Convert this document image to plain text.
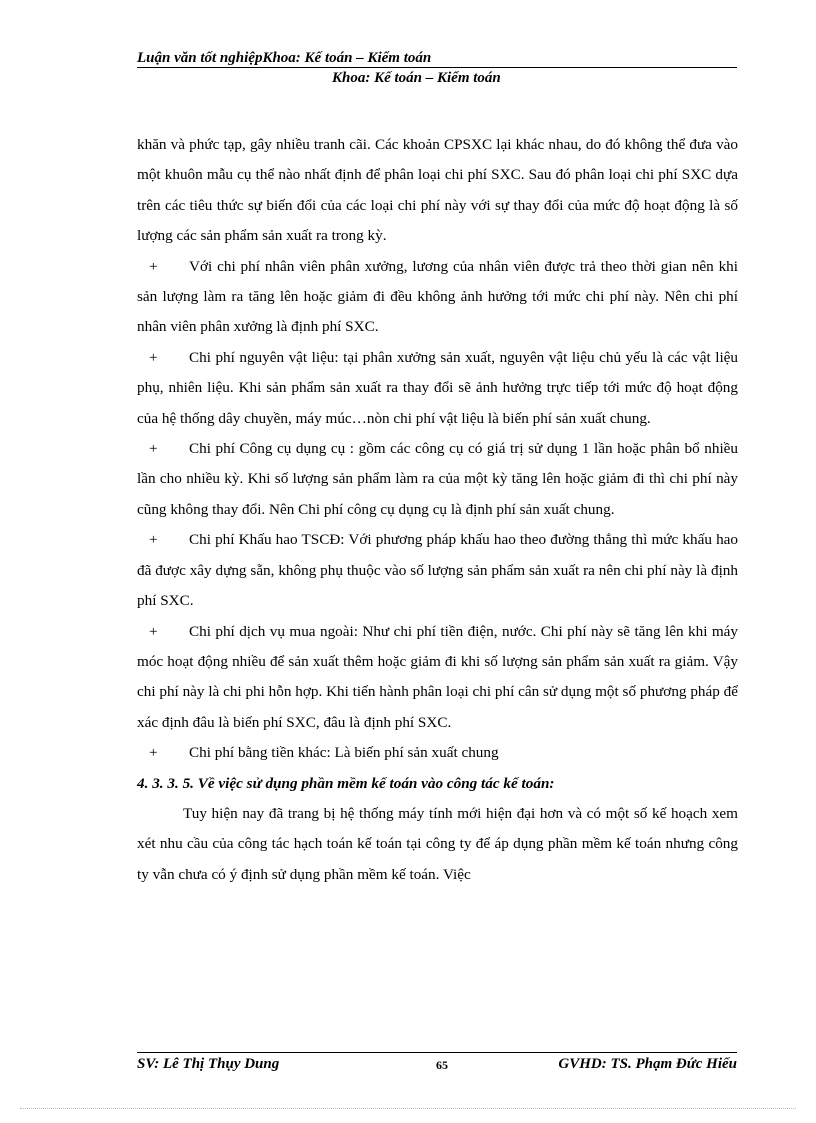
Luận văn tốt nghiệpKhoa: Kế toán – Kiểm toán
Khoa: Kế toán – Kiểm toán

khăn và phức tạp, gây nhiều tranh cãi. Các khoản CPSXC lại khác nhau, do đó không thể đưa vào một khuôn mẫu cụ thể nào nhất định để phân loại chi phí SXC. Sau đó phân loại chi phí SXC dựa trên các tiêu thức sự biến đổi của các loại chi phí này với sự thay đổi của mức độ hoạt động là số lượng các sản phẩm sản xuất ra trong kỳ.

+ Với chi phí nhân viên phân xưởng, lương của nhân viên được trả theo thời gian nên khi sản lượng làm ra tăng lên hoặc giảm đi đều không ảnh hưởng tới mức chi phí này. Nên chi phí nhân viên phân xưởng là định phí SXC.

+ Chi phí nguyên vật liệu: tại phân xưởng sản xuất, nguyên vật liệu chủ yếu là các vật liệu phụ, nhiên liệu. Khi sản phẩm sản xuất ra thay đổi sẽ ảnh hưởng trực tiếp tới mức độ hoạt động của hệ thống dây chuyền, máy múc…nòn chi phí vật liệu là biến phí sản xuất chung.

+ Chi phí Công cụ dụng cụ : gồm các công cụ có giá trị sử dụng 1 lần hoặc phân bổ nhiều lần cho nhiều kỳ. Khi số lượng sản phẩm làm ra của một kỳ tăng lên hoặc giảm đi thì chi phí này cũng không thay đổi. Nên Chi phí công cụ dụng cụ là định phí sản xuất chung.

+ Chi phí Khấu hao TSCĐ: Với phương pháp khấu hao theo đường thẳng thì mức khấu hao đã được xây dựng sẵn, không phụ thuộc vào số lượng sản phẩm sản xuất ra nên chi phí này là định phí SXC.

+ Chi phí dịch vụ mua ngoài: Như chi phí tiền điện, nước. Chi phí này sẽ tăng lên khi máy móc hoạt động nhiều để sản xuất thêm hoặc giảm đi khi số lượng sản phẩm sản xuất ra giảm. Vậy chi phí này là chi phi hỗn hợp. Khi tiến hành phân loại chi phí cân sử dụng một số phương pháp để xác định đâu là biến phí SXC, đâu là định phí SXC.

+ Chi phí bằng tiền khác: Là biến phí sản xuất chung

4. 3. 3. 5. Về việc sử dụng phần mềm kế toán vào công tác kế toán:

Tuy hiện nay đã trang bị hệ thống máy tính mới hiện đại hơn và có một số kế hoạch xem xét nhu cầu của công tác hạch toán kế toán tại công ty để áp dụng phần mềm kế toán nhưng công ty vẫn chưa có ý định sử dụng phần mềm kế toán. Việc

SV: Lê Thị Thụy Dung	65	GVHD: TS. Phạm Đức Hiếu
